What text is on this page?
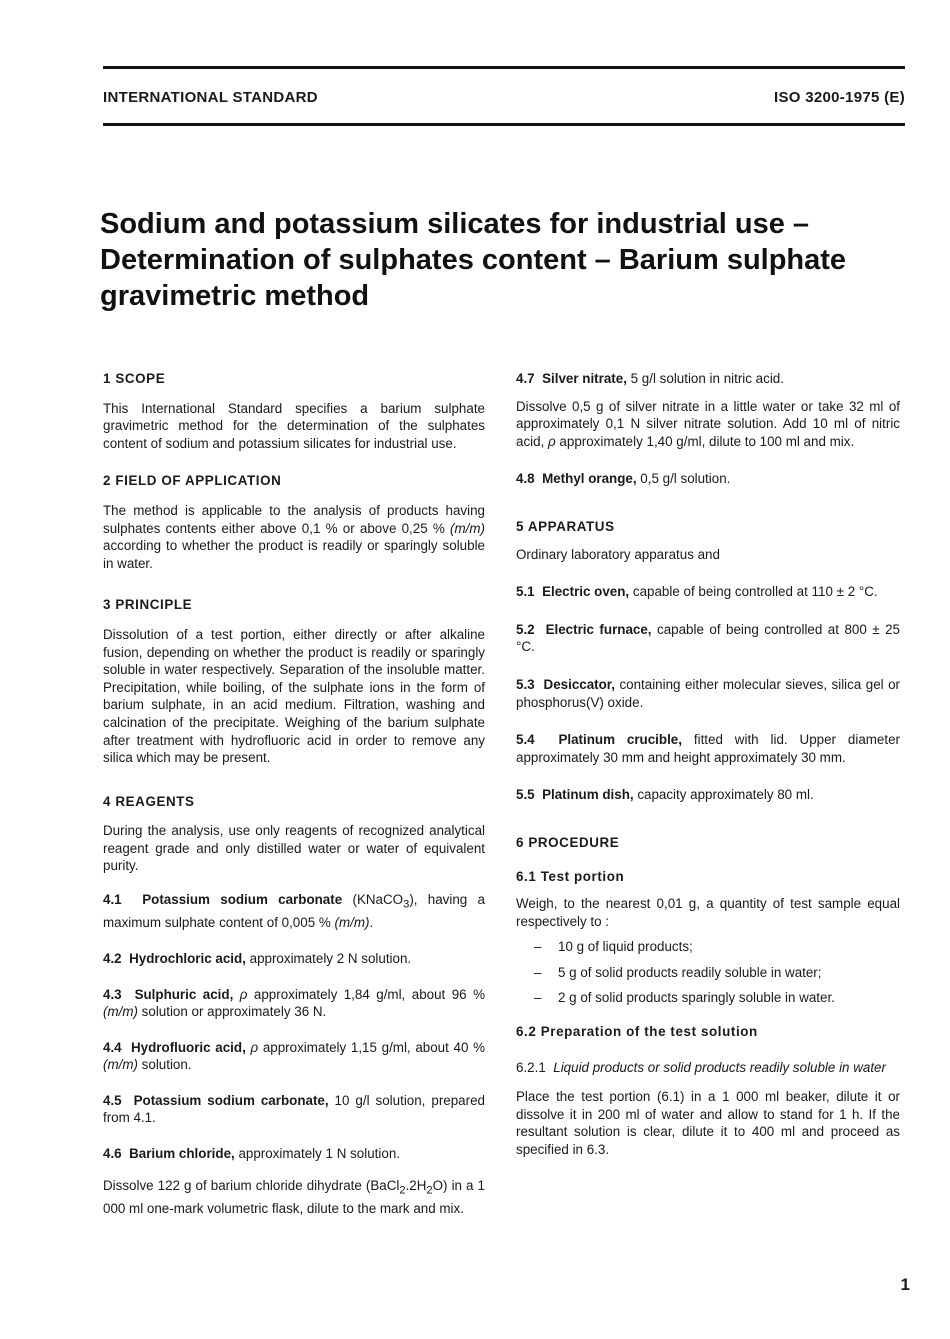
INTERNATIONAL STANDARD	ISO 3200-1975 (E)
Sodium and potassium silicates for industrial use –
Determination of sulphates content – Barium sulphate
gravimetric method

1 SCOPE

This International Standard specifies a barium sulphate gravimetric method for the determination of the sulphates content of sodium and potassium silicates for industrial use.

2 FIELD OF APPLICATION

The method is applicable to the analysis of products having sulphates contents either above 0,1 % or above 0,25 % (m/m) according to whether the product is readily or sparingly soluble in water.

3 PRINCIPLE

Dissolution of a test portion, either directly or after alkaline fusion, depending on whether the product is readily or sparingly soluble in water respectively. Separation of the insoluble matter. Precipitation, while boiling, of the sulphate ions in the form of barium sulphate, in an acid medium. Filtration, washing and calcination of the precipitate. Weighing of the barium sulphate after treatment with hydrofluoric acid in order to remove any silica which may be present.

4 REAGENTS

During the analysis, use only reagents of recognized analytical reagent grade and only distilled water or water of equivalent purity.

4.1 Potassium sodium carbonate (KNaCO$_3$), having a maximum sulphate content of 0,005 % (m/m).

4.2 Hydrochloric acid, approximately 2 N solution.

4.3 Sulphuric acid, ρ approximately 1,84 g/ml, about 96 % (m/m) solution or approximately 36 N.

4.4 Hydrofluoric acid, ρ approximately 1,15 g/ml, about 40 % (m/m) solution.

4.5 Potassium sodium carbonate, 10 g/l solution, prepared from 4.1.

4.6 Barium chloride, approximately 1 N solution.

Dissolve 122 g of barium chloride dihydrate $(BaCl_2.2H_2O)$ in a 1 000 ml one-mark volumetric flask, dilute to the mark and mix.

4.7 Silver nitrate, 5 g/l solution in nitric acid.

Dissolve 0,5 g of silver nitrate in a little water or take 32 ml of approximately 0,1 N silver nitrate solution. Add 10 ml of nitric acid, ρ approximately 1,40 g/ml, dilute to 100 ml and mix.

4.8 Methyl orange, 0,5 g/l solution.

5 APPARATUS

Ordinary laboratory apparatus and

5.1 Electric oven, capable of being controlled at 110 ± 2 °C.

5.2 Electric furnace, capable of being controlled at 800 ± 25 °C.

5.3 Desiccator, containing either molecular sieves, silica gel or phosphorus(V) oxide.

5.4 Platinum crucible, fitted with lid. Upper diameter approximately 30 mm and height approximately 30 mm.

5.5 Platinum dish, capacity approximately 80 ml.

6 PROCEDURE

6.1 Test portion

Weigh, to the nearest 0,01 g, a quantity of test sample equal respectively to :

–	10 g of liquid products;

–	5 g of solid products readily soluble in water;

–	2 g of solid products sparingly soluble in water.

6.2 Preparation of the test solution

6.2.1 Liquid products or solid products readily soluble in water

Place the test portion (6.1) in a 1 000 ml beaker, dilute it or dissolve it in 200 ml of water and allow to stand for 1 h. If the resultant solution is clear, dilute it to 400 ml and proceed as specified in 6.3.

1
